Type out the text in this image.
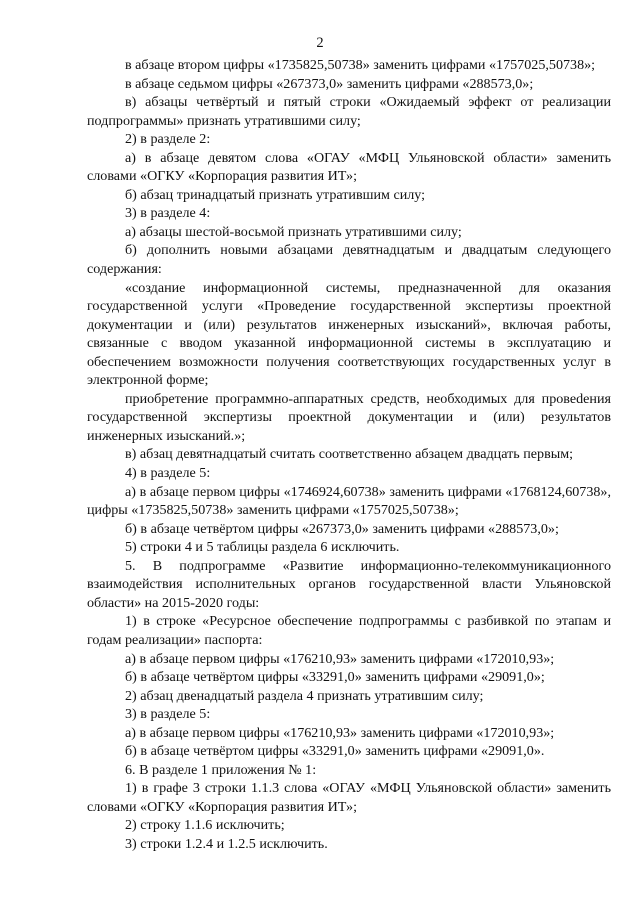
2

в абзаце втором цифры «1735825,50738» заменить цифрами «1757025,50738»;

в абзаце седьмом цифры «267373,0» заменить цифрами «288573,0»;

в) абзацы четвёртый и пятый строки «Ожидаемый эффект от реализации подпрограммы» признать утратившими силу;

2) в разделе 2:

а) в абзаце девятом слова «ОГАУ «МФЦ Ульяновской области» заменить словами «ОГКУ «Корпорация развития ИТ»;

б) абзац тринадцатый признать утратившим силу;

3) в разделе 4:

а) абзацы шестой-восьмой признать утратившими силу;

б) дополнить новыми абзацами девятнадцатым и двадцатым следующего содержания:

«создание информационной системы, предназначенной для оказания государственной услуги «Проведение государственной экспертизы проектной документации и (или) результатов инженерных изысканий», включая работы, связанные с вводом указанной информационной системы в эксплуатацию и обеспечением возможности получения соответствующих государственных услуг в электронной форме;

приобретение программно-аппаратных средств, необходимых для провеdения государственной экспертизы проектной документации и (или) результатов инженерных изысканий.»;

в) абзац девятнадцатый считать соответственно абзацем двадцать первым;

4) в разделе 5:

а) в абзаце первом цифры «1746924,60738» заменить цифрами «1768124,60738», цифры «1735825,50738» заменить цифрами «1757025,50738»;

б) в абзаце четвёртом цифры «267373,0» заменить цифрами «288573,0»;

5) строки 4 и 5 таблицы раздела 6 исключить.

5. В подпрограмме «Развитие информационно-телекоммуникационного взаимодействия исполнительных органов государственной власти Ульяновской области» на 2015-2020 годы:

1) в строке «Ресурсное обеспечение подпрограммы с разбивкой по этапам и годам реализации» паспорта:

а) в абзаце первом цифры «176210,93» заменить цифрами «172010,93»;

б) в абзаце четвёртом цифры «33291,0» заменить цифрами «29091,0»;

2) абзац двенадцатый раздела 4 признать утратившим силу;

3) в разделе 5:

а) в абзаце первом цифры «176210,93» заменить цифрами «172010,93»;

б) в абзаце четвёртом цифры «33291,0» заменить цифрами «29091,0».

6. В разделе 1 приложения № 1:

1) в графе 3 строки 1.1.3 слова «ОГАУ «МФЦ Ульяновской области» заменить словами «ОГКУ «Корпорация развития ИТ»;

2) строку 1.1.6 исключить;

3) строки 1.2.4 и 1.2.5 исключить.
